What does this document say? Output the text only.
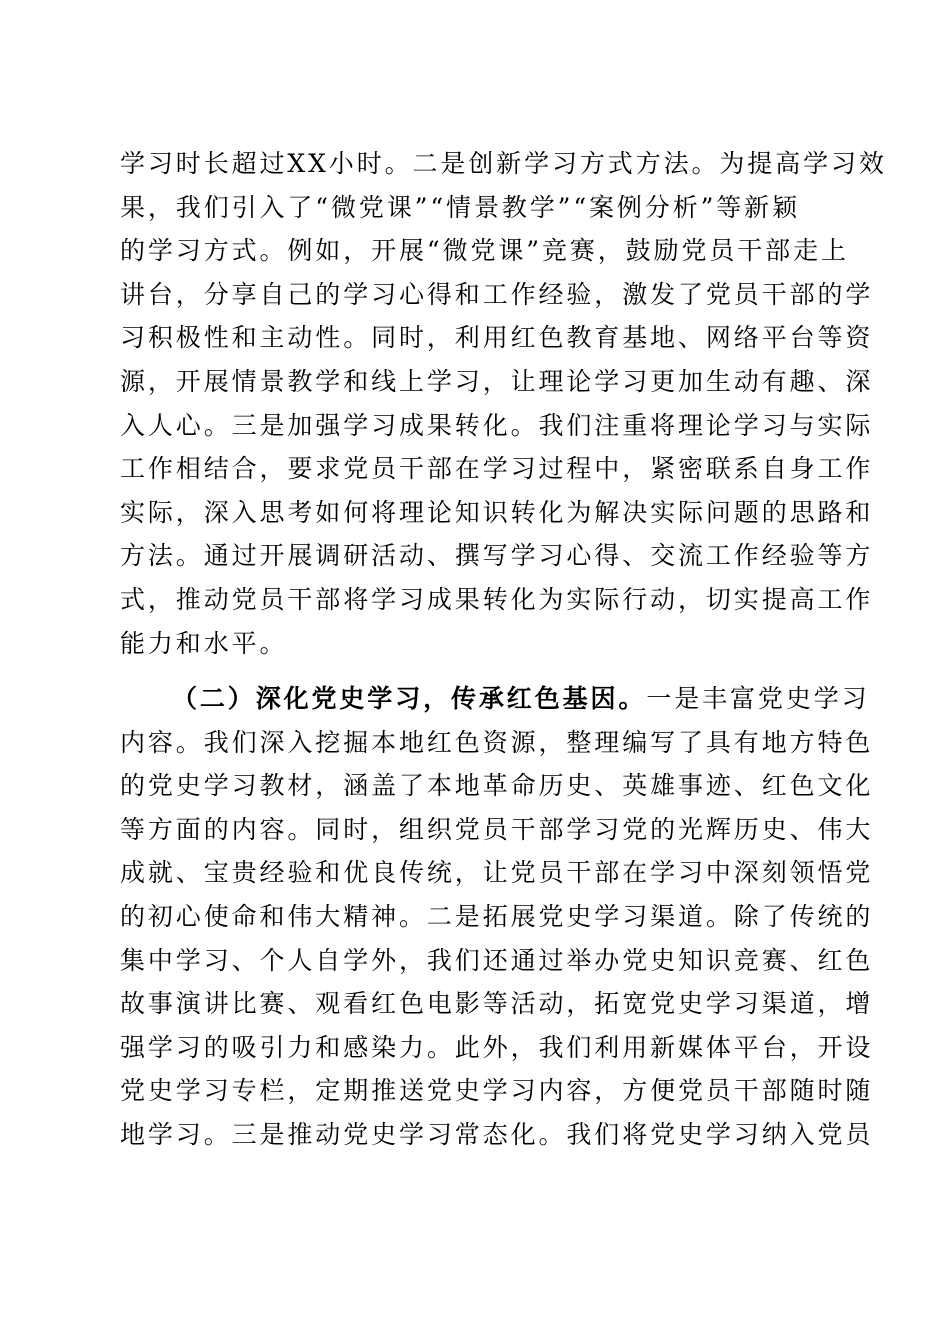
学习时长超过XX小时。二是创新学习方式方法。为提高学习效
果，我们引入了“微党课”“情景教学”“案例分析”等新颖
的学习方式。例如，开展“微党课”竞赛，鼓励党员干部走上
讲台，分享自己的学习心得和工作经验，激发了党员干部的学
习积极性和主动性。同时，利用红色教育基地、网络平台等资
源，开展情景教学和线上学习，让理论学习更加生动有趣、深
入人心。三是加强学习成果转化。我们注重将理论学习与实际
工作相结合，要求党员干部在学习过程中，紧密联系自身工作
实际，深入思考如何将理论知识转化为解决实际问题的思路和
方法。通过开展调研活动、撰写学习心得、交流工作经验等方
式，推动党员干部将学习成果转化为实际行动，切实提高工作
能力和水平。
（二）深化党史学习，传承红色基因。一是丰富党史学习
内容。我们深入挖掘本地红色资源，整理编写了具有地方特色
的党史学习教材，涵盖了本地革命历史、英雄事迹、红色文化
等方面的内容。同时，组织党员干部学习党的光辉历史、伟大
成就、宝贵经验和优良传统，让党员干部在学习中深刻领悟党
的初心使命和伟大精神。二是拓展党史学习渠道。除了传统的
集中学习、个人自学外，我们还通过举办党史知识竞赛、红色
故事演讲比赛、观看红色电影等活动，拓宽党史学习渠道，增
强学习的吸引力和感染力。此外，我们利用新媒体平台，开设
党史学习专栏，定期推送党史学习内容，方便党员干部随时随
地学习。三是推动党史学习常态化。我们将党史学习纳入党员
